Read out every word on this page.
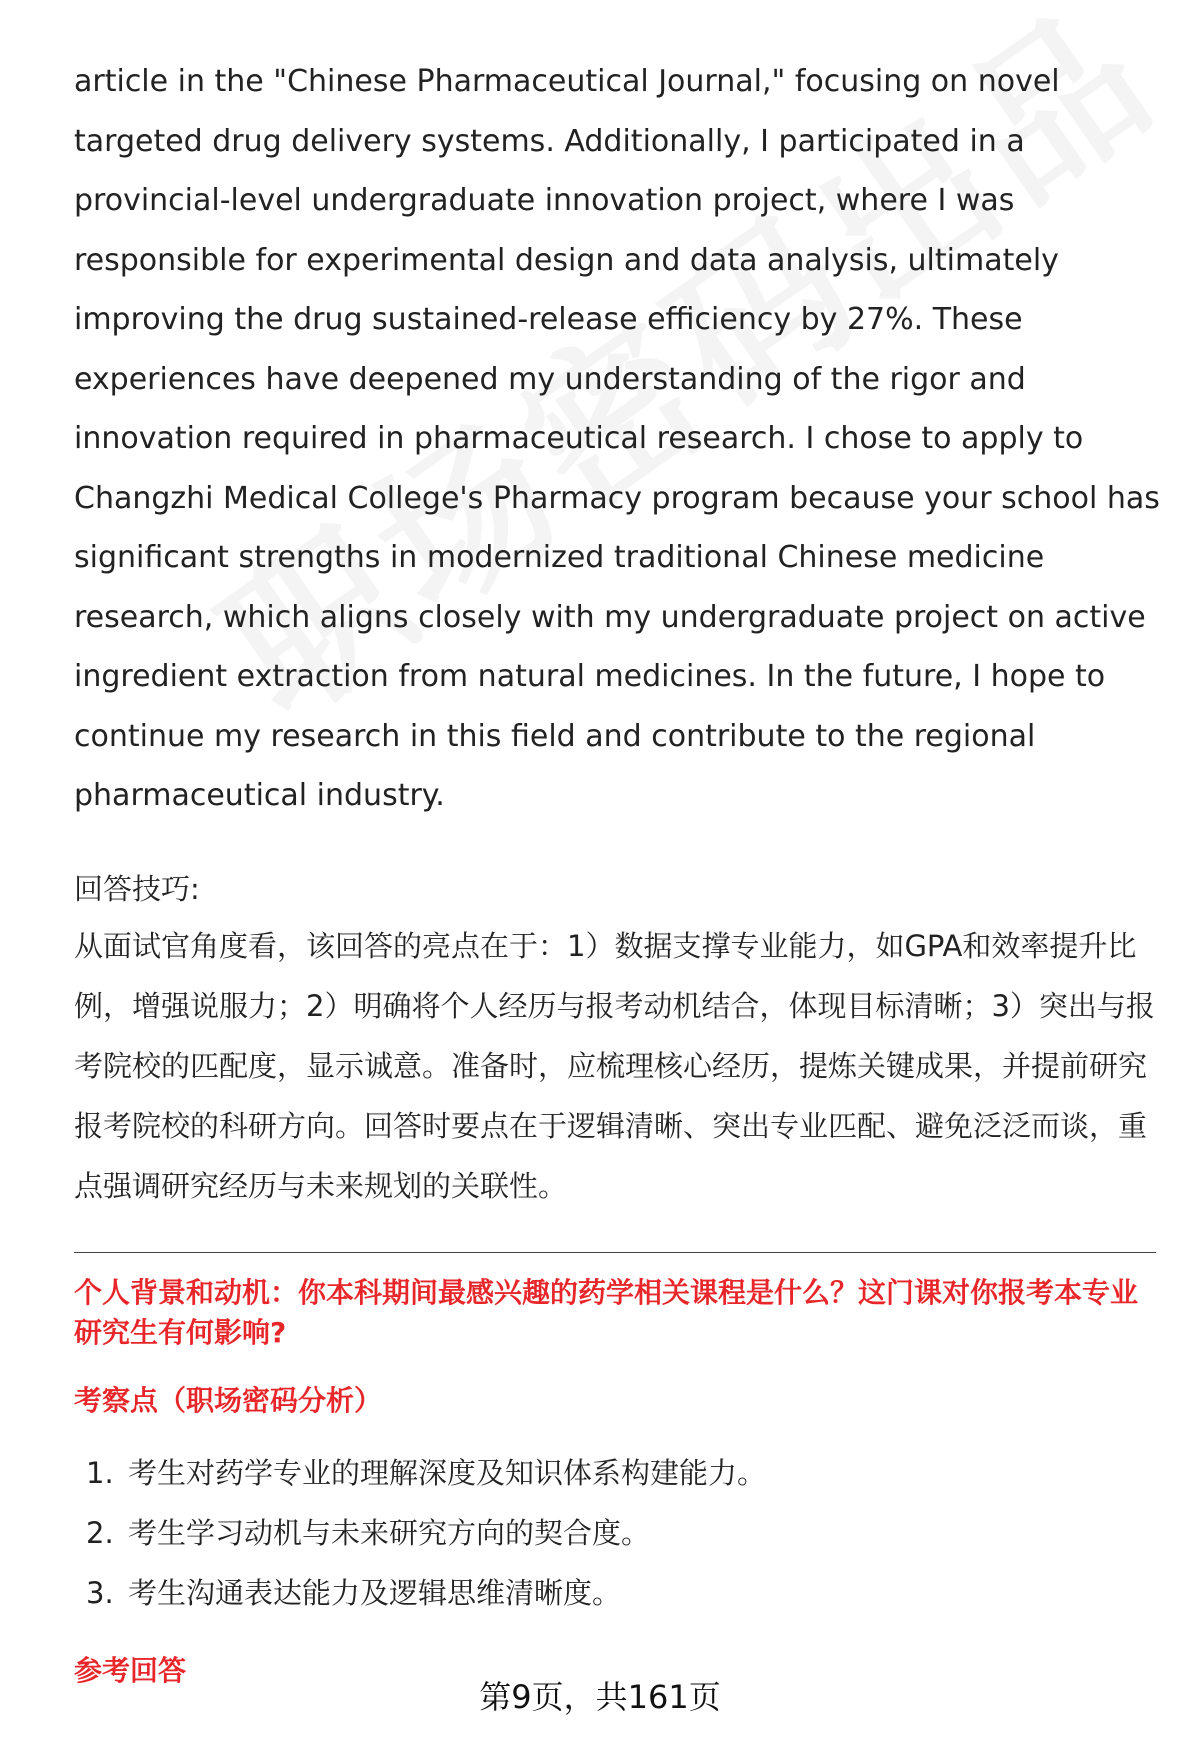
article in the "Chinese Pharmaceutical Journal," focusing on novel targeted drug delivery systems. Additionally, I participated in a provincial-level undergraduate innovation project, where I was responsible for experimental design and data analysis, ultimately improving the drug sustained-release efficiency by 27%. These experiences have deepened my understanding of the rigor and innovation required in pharmaceutical research. I chose to apply to Changzhi Medical College's Pharmacy program because your school has significant strengths in modernized traditional Chinese medicine research, which aligns closely with my undergraduate project on active ingredient extraction from natural medicines. In the future, I hope to continue my research in this field and contribute to the regional pharmaceutical industry.

回答技巧:

从面试官角度看，该回答的亮点在于：1）数据支撑专业能力，如GPA和效率提升比例，增强说服力；2）明确将个人经历与报考动机结合，体现目标清晰；3）突出与报考院校的匹配度，显示诚意。准备时，应梳理核心经历，提炼关键成果，并提前研究报考院校的科研方向。回答时要点在于逻辑清晰、突出专业匹配、避免泛泛而谈，重点强调研究经历与未来规划的关联性。

个人背景和动机：你本科期间最感兴趣的药学相关课程是什么？这门课对你报考本专业研究生有何影响?

考察点（职场密码分析）

1. 考生对药学专业的理解深度及知识体系构建能力。
2. 考生学习动机与未来研究方向的契合度。
3. 考生沟通表达能力及逻辑思维清晰度。

参考回答

第9页，共161页
